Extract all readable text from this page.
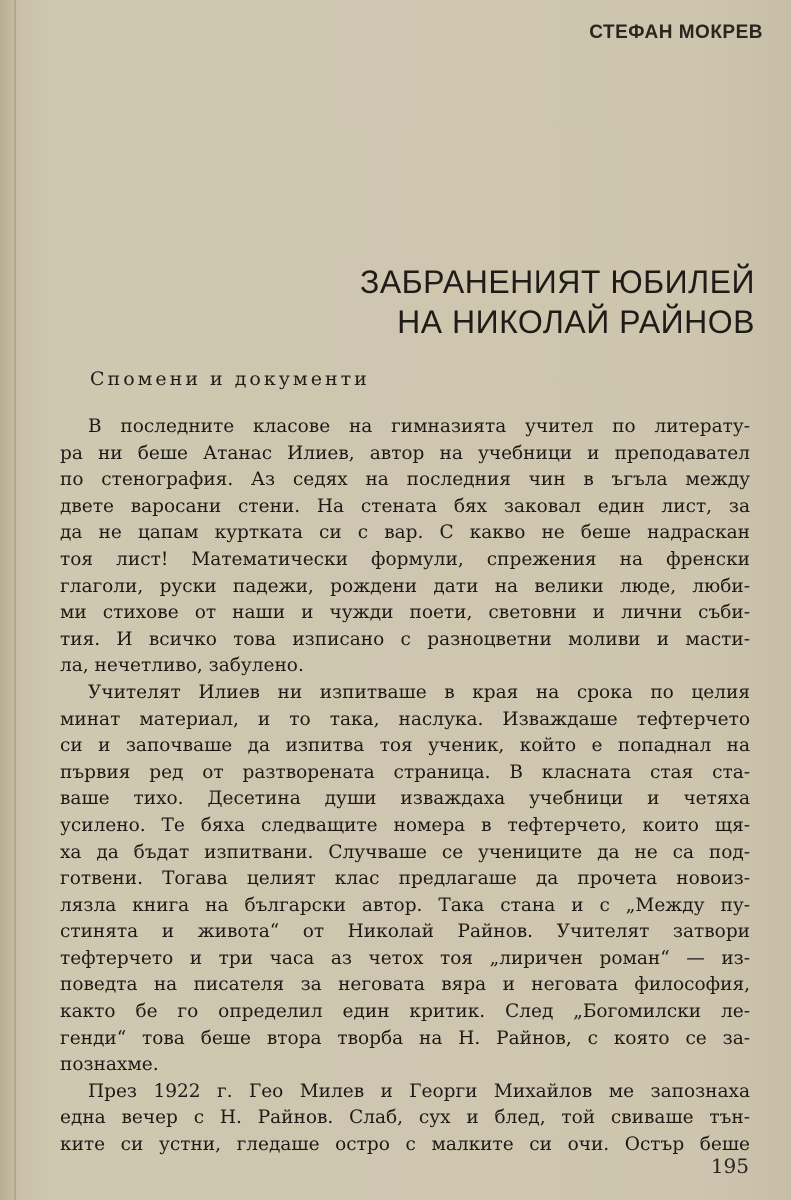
СТЕФАН МОКРЕВ
ЗАБРАНЕНИЯТ ЮБИЛЕЙ
НА НИКОЛАЙ РАЙНОВ
Спомени и документи
В последните класове на гимназията учител по литерату-
ра ни беше Атанас Илиев, автор на учебници и преподавател
по стенография. Аз седях на последния чин в ъгъла между
двете варосани стени. На стената бях заковал един лист, за
да не цапам куртката си с вар. С какво не беше надраскан
тоя лист! Математически формули, спрежения на френски
глаголи, руски падежи, рождени дати на велики люде, люби-
ми стихове от наши и чужди поети, световни и лични съби-
тия. И всичко това изписано с разноцветни моливи и масти-
ла, нечетливо, забулено.
Учителят Илиев ни изпитваше в края на срока по целия
минат материал, и то така, наслука. Изваждаше тефтерчето
си и започваше да изпитва тоя ученик, който е попаднал на
първия ред от разтворената страница. В класната стая ста-
ваше тихо. Десетина души изваждаха учебници и четяха
усилено. Те бяха следващите номера в тефтерчето, които щя-
ха да бъдат изпитвани. Случваше се учениците да не са под-
готвени. Тогава целият клас предлагаше да прочета новоиз-
лязла книга на български автор. Така стана и с „Между пу-
стинята и живота“ от Николай Райнов. Учителят затвори
тефтерчето и три часа аз четох тоя „лиричен роман“ — из-
поведта на писателя за неговата вяра и неговата философия,
както бе го определил един критик. След „Богомилски ле-
генди“ това беше втора творба на Н. Райнов, с която се за-
познахме.
През 1922 г. Гео Милев и Георги Михайлов ме запознаха
една вечер с Н. Райнов. Слаб, сух и блед, той свиваше тън-
ките си устни, гледаше остро с малките си очи. Остър беше
195
